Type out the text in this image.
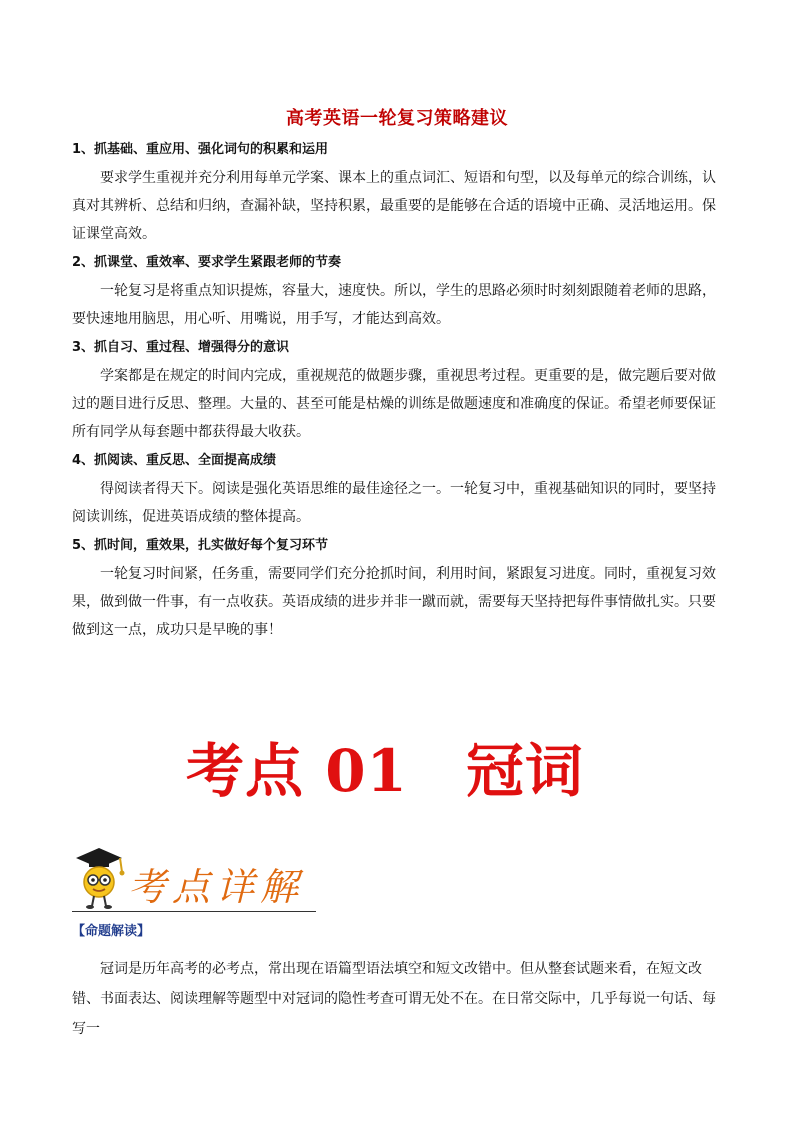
高考英语一轮复习策略建议
1、抓基础、重应用、强化词句的积累和运用

要求学生重视并充分利用每单元学案、课本上的重点词汇、短语和句型，以及每单元的综合训练，认真对其辨析、总结和归纳，查漏补缺，坚持积累，最重要的是能够在合适的语境中正确、灵活地运用。保证课堂高效。

2、抓课堂、重效率、要求学生紧跟老师的节奏

一轮复习是将重点知识提炼，容量大，速度快。所以，学生的思路必须时时刻刻跟随着老师的思路，要快速地用脑思，用心听、用嘴说，用手写，才能达到高效。

3、抓自习、重过程、增强得分的意识

学案都是在规定的时间内完成，重视规范的做题步骤，重视思考过程。更重要的是，做完题后要对做过的题目进行反思、整理。大量的、甚至可能是枯燥的训练是做题速度和准确度的保证。希望老师要保证所有同学从每套题中都获得最大收获。

4、抓阅读、重反思、全面提高成绩

得阅读者得天下。阅读是强化英语思维的最佳途径之一。一轮复习中，重视基础知识的同时，要坚持阅读训练，促进英语成绩的整体提高。

5、抓时间，重效果，扎实做好每个复习环节

一轮复习时间紧，任务重，需要同学们充分抢抓时间，利用时间，紧跟复习进度。同时，重视复习效果，做到做一件事，有一点收获。英语成绩的进步并非一蹴而就，需要每天坚持把每件事情做扎实。只要做到这一点，成功只是早晚的事！

考点 01 冠词
考点详解
【命题解读】

冠词是历年高考的必考点，常出现在语篇型语法填空和短文改错中。但从整套试题来看，在短文改错、书面表达、阅读理解等题型中对冠词的隐性考查可谓无处不在。在日常交际中，几乎每说一句话、每写一
